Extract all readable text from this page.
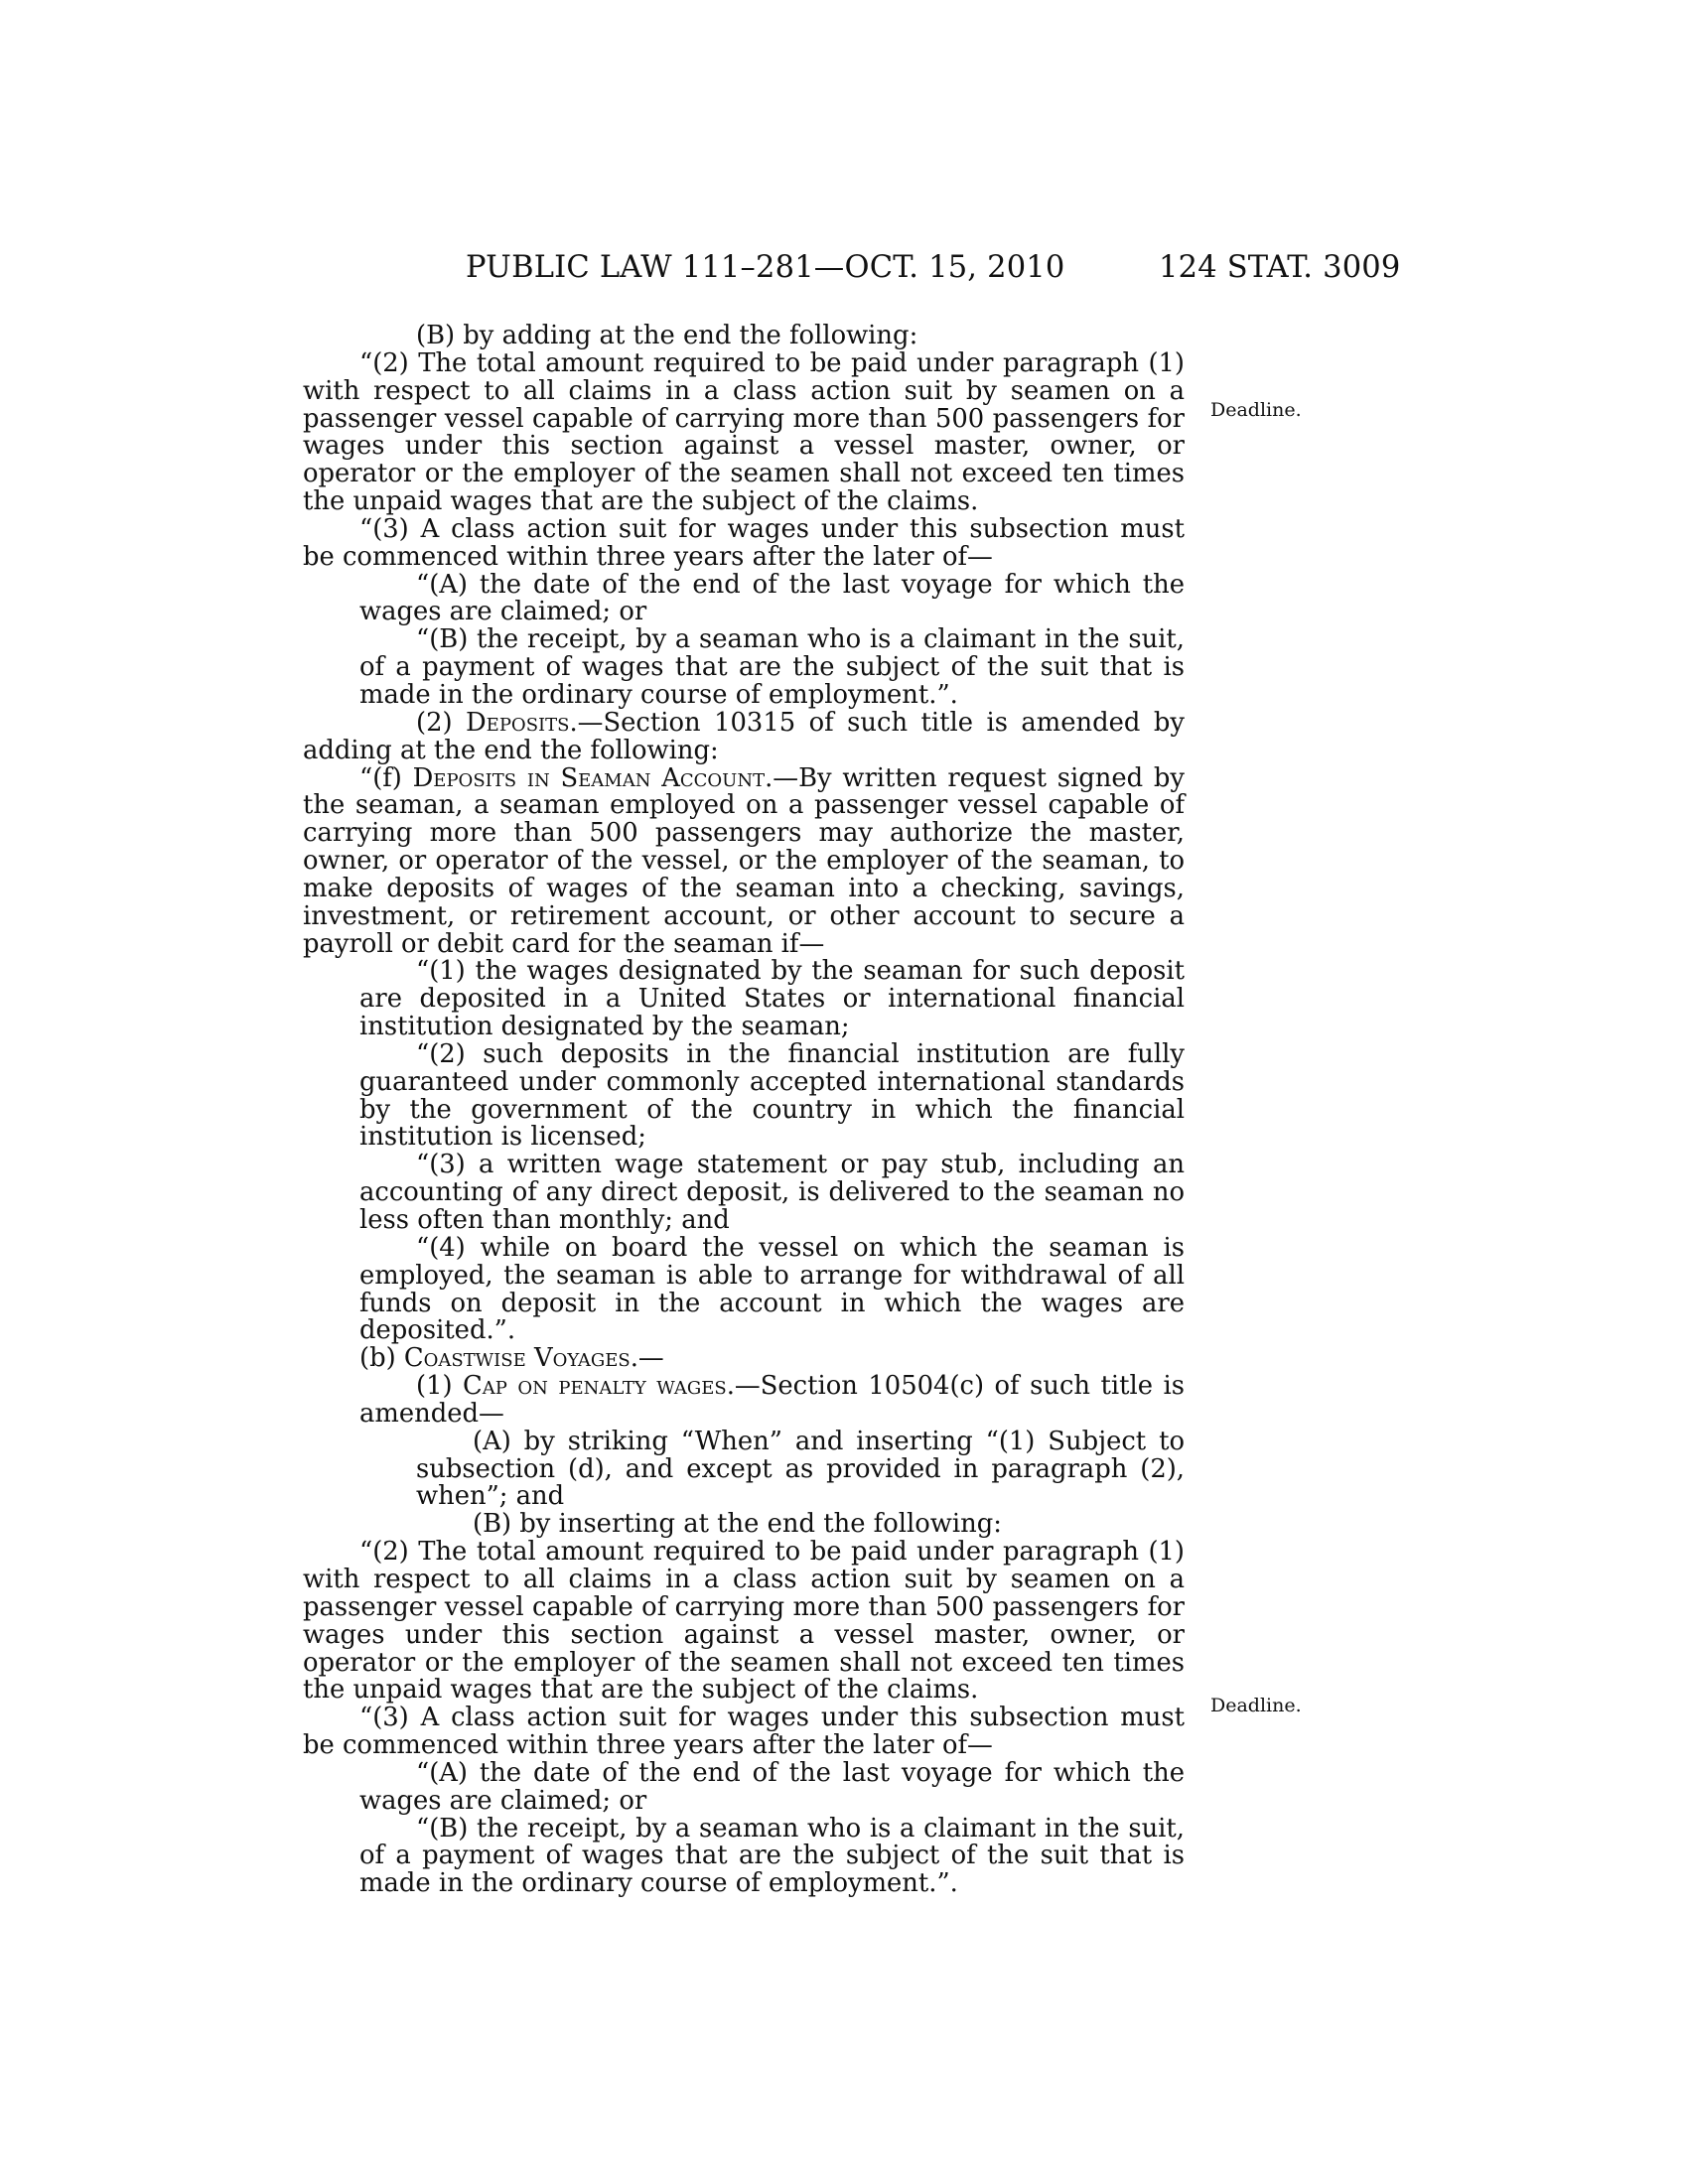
PUBLIC LAW 111–281—OCT. 15, 2010	124 STAT. 3009
Deadline.
Deadline.

(B) by adding at the end the following:

“(2) The total amount required to be paid under paragraph (1) with respect to all claims in a class action suit by seamen on a passenger vessel capable of carrying more than 500 passengers for wages under this section against a vessel master, owner, or operator or the employer of the seamen shall not exceed ten times the unpaid wages that are the subject of the claims.

“(3) A class action suit for wages under this subsection must be commenced within three years after the later of—

“(A) the date of the end of the last voyage for which the wages are claimed; or

“(B) the receipt, by a seaman who is a claimant in the suit, of a payment of wages that are the subject of the suit that is made in the ordinary course of employment.”.

(2) Deposits.—Section 10315 of such title is amended by adding at the end the following:

“(f) Deposits in Seaman Account.—By written request signed by the seaman, a seaman employed on a passenger vessel capable of carrying more than 500 passengers may authorize the master, owner, or operator of the vessel, or the employer of the seaman, to make deposits of wages of the seaman into a checking, savings, investment, or retirement account, or other account to secure a payroll or debit card for the seaman if—

“(1) the wages designated by the seaman for such deposit are deposited in a United States or international financial institution designated by the seaman;

“(2) such deposits in the financial institution are fully guaranteed under commonly accepted international standards by the government of the country in which the financial institution is licensed;

“(3) a written wage statement or pay stub, including an accounting of any direct deposit, is delivered to the seaman no less often than monthly; and

“(4) while on board the vessel on which the seaman is employed, the seaman is able to arrange for withdrawal of all funds on deposit in the account in which the wages are deposited.”.

(b) Coastwise Voyages.—

(1) Cap on penalty wages.—Section 10504(c) of such title is amended—

(A) by striking “When” and inserting “(1) Subject to subsection (d), and except as provided in paragraph (2), when”; and

(B) by inserting at the end the following:

“(2) The total amount required to be paid under paragraph (1) with respect to all claims in a class action suit by seamen on a passenger vessel capable of carrying more than 500 passengers for wages under this section against a vessel master, owner, or operator or the employer of the seamen shall not exceed ten times the unpaid wages that are the subject of the claims.

“(3) A class action suit for wages under this subsection must be commenced within three years after the later of—

“(A) the date of the end of the last voyage for which the wages are claimed; or

“(B) the receipt, by a seaman who is a claimant in the suit, of a payment of wages that are the subject of the suit that is made in the ordinary course of employment.”.
